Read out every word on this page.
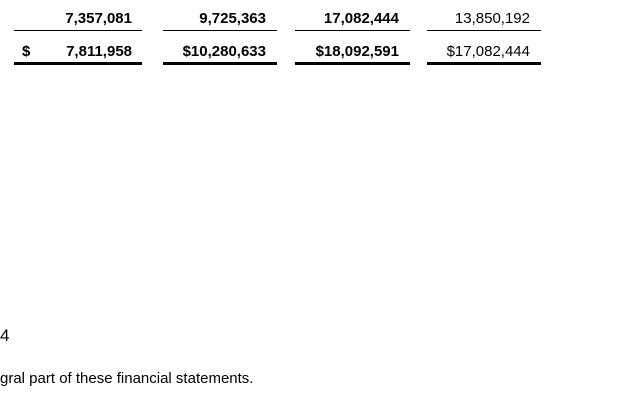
7,357,081	9,725,363	17,082,444	13,850,192
$	7,811,958	$10,280,633	$18,092,591	$17,082,444
4
gral part of these financial statements.
